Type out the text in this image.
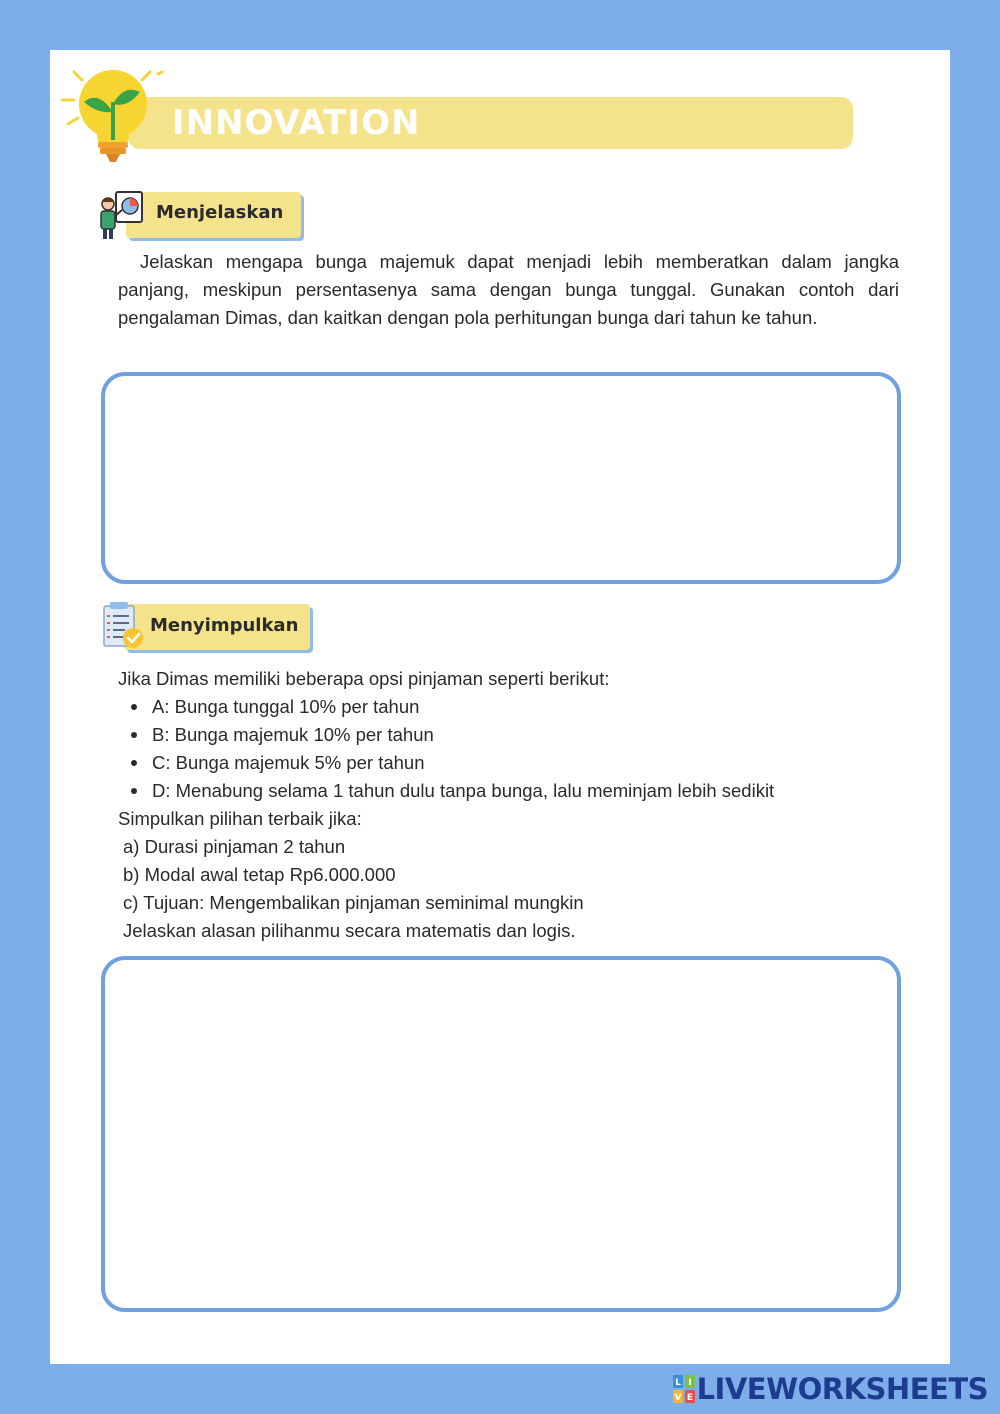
INNOVATION
Menjelaskan

Jelaskan mengapa bunga majemuk dapat menjadi lebih memberatkan dalam jangka panjang, meskipun persentasenya sama dengan bunga tunggal. Gunakan contoh dari pengalaman Dimas, dan kaitkan dengan pola perhitungan bunga dari tahun ke tahun.

Menyimpulkan
Jika Dimas memiliki beberapa opsi pinjaman seperti berikut:
A: Bunga tunggal 10% per tahun
B: Bunga majemuk 10% per tahun
C: Bunga majemuk 5% per tahun
D: Menabung selama 1 tahun dulu tanpa bunga, lalu meminjam lebih sedikit
Simpulkan pilihan terbaik jika:
a) Durasi pinjaman 2 tahun
b) Modal awal tetap Rp6.000.000
c) Tujuan: Mengembalikan pinjaman seminimal mungkin
Jelaskan alasan pilihanmu secara matematis dan logis.
L I
V E LIVEWORKSHEETS
